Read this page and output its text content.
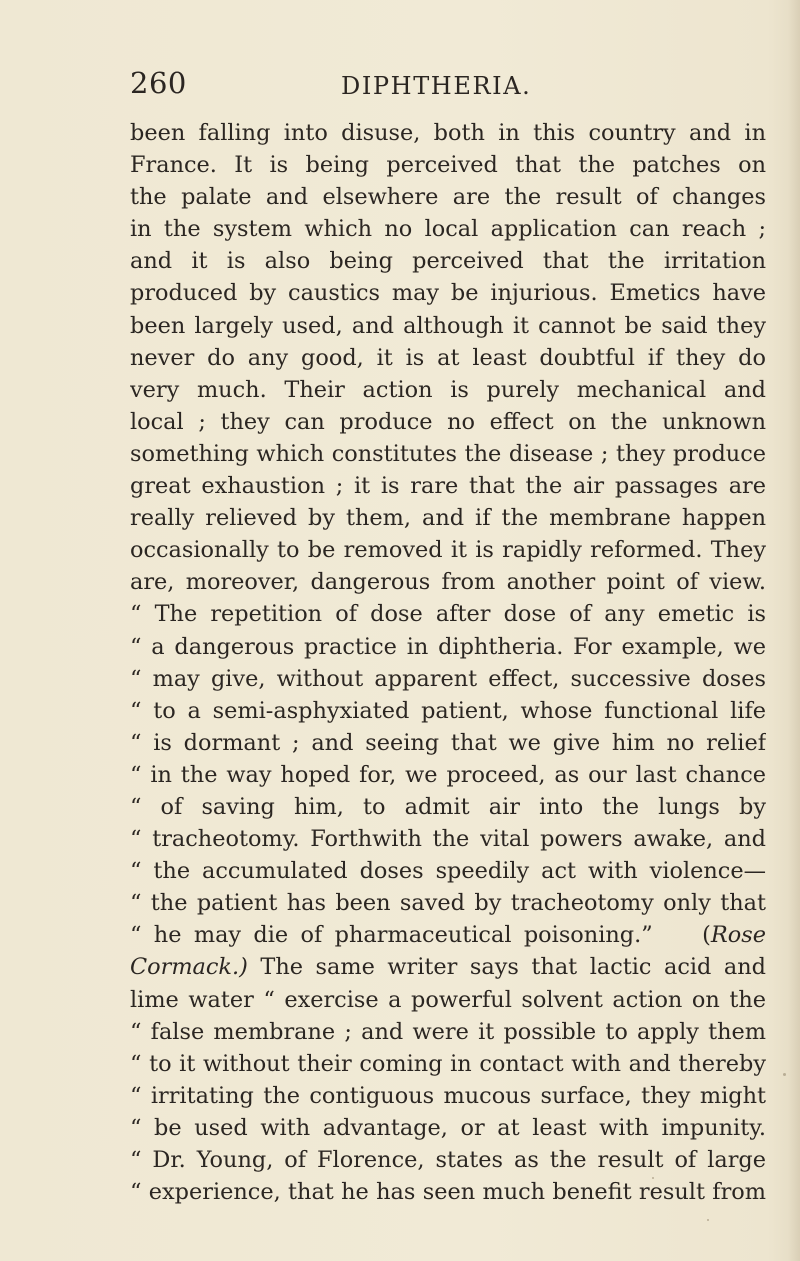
260	DIPHTHERIA.
been falling into disuse, both in this country and in
France. It is being perceived that the patches on
the palate and elsewhere are the result of changes
in the system which no local application can reach ;
and it is also being perceived that the irritation
produced by caustics may be injurious. Emetics have
been largely used, and although it cannot be said they
never do any good, it is at least doubtful if they do
very much. Their action is purely mechanical and
local ; they can produce no effect on the unknown
something which constitutes the disease ; they produce
great exhaustion ; it is rare that the air passages are
really relieved by them, and if the membrane happen
occasionally to be removed it is rapidly reformed. They
are, moreover, dangerous from another point of view.
“ The repetition of dose after dose of any emetic is
“ a dangerous practice in diphtheria. For example, we
“ may give, without apparent effect, successive doses
“ to a semi-asphyxiated patient, whose functional life
“ is dormant ; and seeing that we give him no relief
“ in the way hoped for, we proceed, as our last chance
“ of saving him, to admit air into the lungs by
“ tracheotomy. Forthwith the vital powers awake, and
“ the accumulated doses speedily act with violence—
“ the patient has been saved by tracheotomy only that
“ he may die of pharmaceutical poisoning.” (Rose
Cormack.) The same writer says that lactic acid and
lime water “ exercise a powerful solvent action on the
“ false membrane ; and were it possible to apply them
“ to it without their coming in contact with and thereby
“ irritating the contiguous mucous surface, they might
“ be used with advantage, or at least with impunity.
“ Dr. Young, of Florence, states as the result of large
“ experience, that he has seen much benefit result from
